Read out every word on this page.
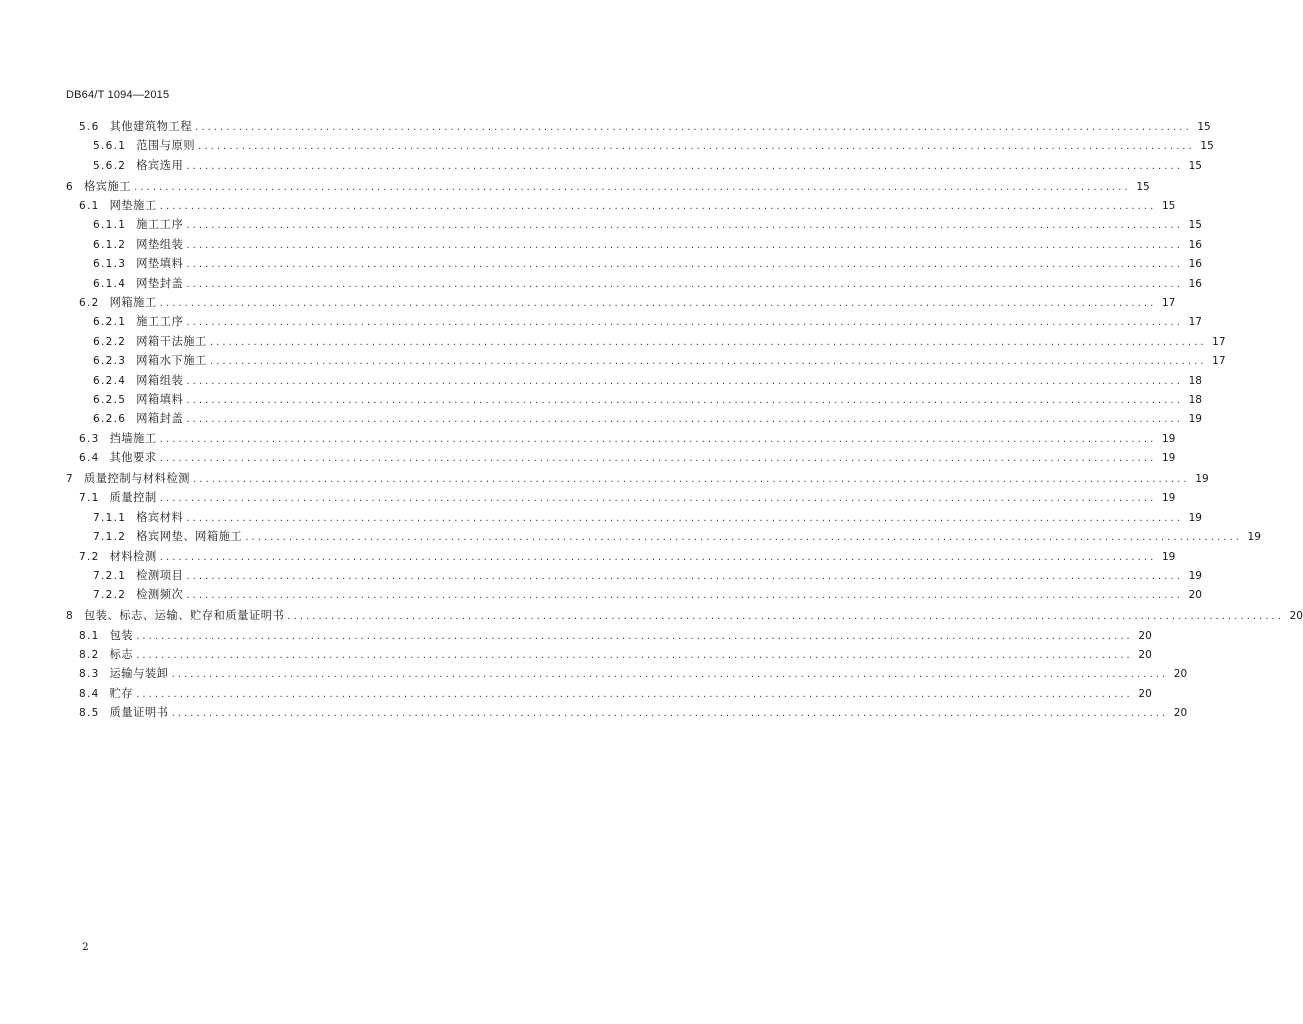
DB64/T 1094—2015
5.6 其他建筑物工程 ................................................................................................................................................................ 15
5.6.1 范围与原则 ................................................................................................................................................................ 15
5.6.2 格宾选用 ................................................................................................................................................................ 15
6 格宾施工 ................................................................................................................................................................ 15
6.1 网垫施工 ................................................................................................................................................................ 15
6.1.1 施工工序 ................................................................................................................................................................ 15
6.1.2 网垫组装 ................................................................................................................................................................ 16
6.1.3 网垫填料 ................................................................................................................................................................ 16
6.1.4 网垫封盖 ................................................................................................................................................................ 16
6.2 网箱施工 ................................................................................................................................................................ 17
6.2.1 施工工序 ................................................................................................................................................................ 17
6.2.2 网箱干法施工 ................................................................................................................................................................ 17
6.2.3 网箱水下施工 ................................................................................................................................................................ 17
6.2.4 网箱组装 ................................................................................................................................................................ 18
6.2.5 网箱填料 ................................................................................................................................................................ 18
6.2.6 网箱封盖 ................................................................................................................................................................ 19
6.3 挡墙施工 ................................................................................................................................................................ 19
6.4 其他要求 ................................................................................................................................................................ 19
7 质量控制与材料检测 ................................................................................................................................................................ 19
7.1 质量控制 ................................................................................................................................................................ 19
7.1.1 格宾材料 ................................................................................................................................................................ 19
7.1.2 格宾网垫、网箱施工 ................................................................................................................................................................ 19
7.2 材料检测 ................................................................................................................................................................ 19
7.2.1 检测项目 ................................................................................................................................................................ 19
7.2.2 检测频次 ................................................................................................................................................................ 20
8 包装、标志、运输、贮存和质量证明书 ................................................................................................................................................................ 20
8.1 包装 ................................................................................................................................................................ 20
8.2 标志 ................................................................................................................................................................ 20
8.3 运输与装卸 ................................................................................................................................................................ 20
8.4 贮存 ................................................................................................................................................................ 20
8.5 质量证明书 ................................................................................................................................................................ 20
2
